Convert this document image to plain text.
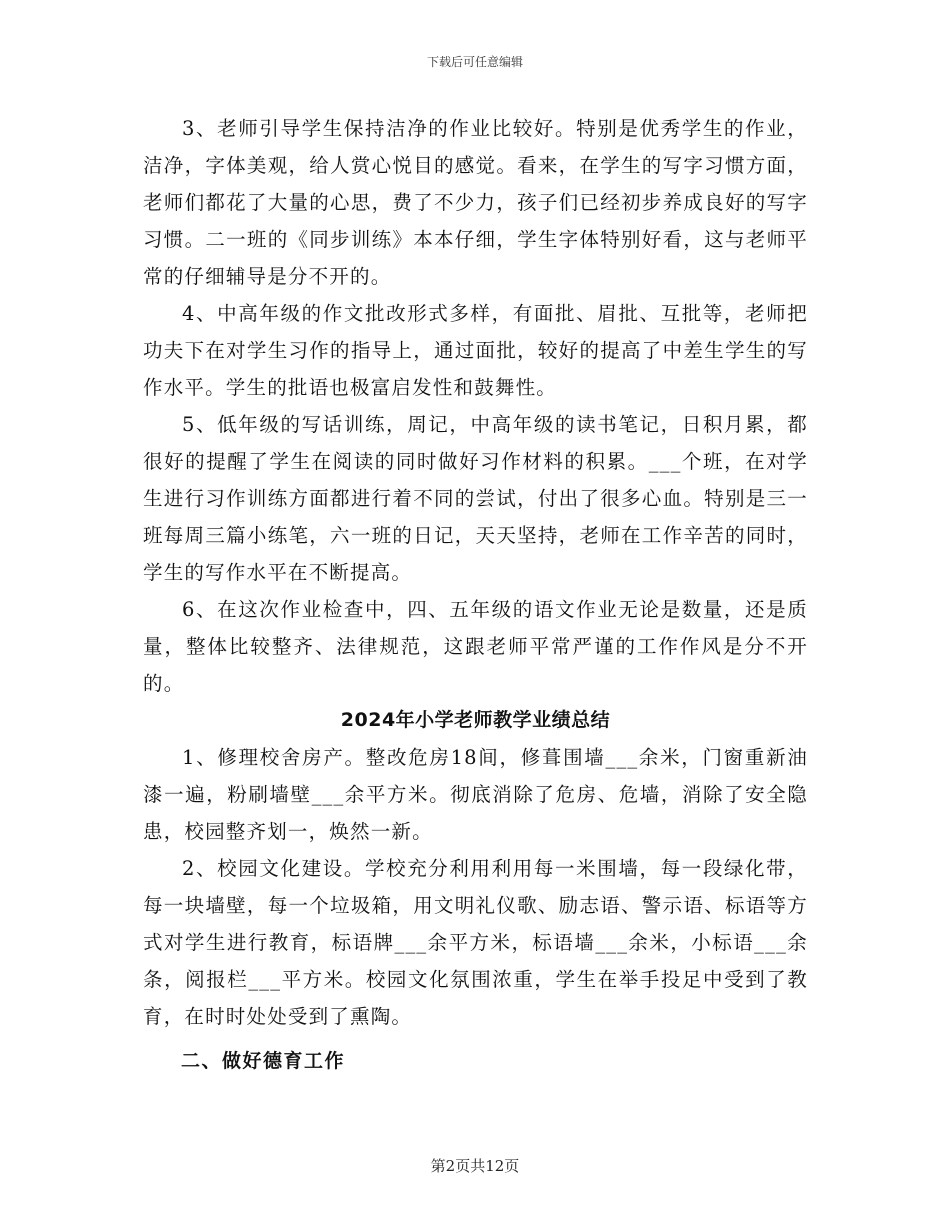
下载后可任意编辑

3、老师引导学生保持洁净的作业比较好。特别是优秀学生的作业，洁净，字体美观，给人赏心悦目的感觉。看来，在学生的写字习惯方面，老师们都花了大量的心思，费了不少力，孩子们已经初步养成良好的写字习惯。二一班的《同步训练》本本仔细，学生字体特别好看，这与老师平常的仔细辅导是分不开的。

4、中高年级的作文批改形式多样，有面批、眉批、互批等，老师把功夫下在对学生习作的指导上，通过面批，较好的提高了中差生学生的写作水平。学生的批语也极富启发性和鼓舞性。

5、低年级的写话训练，周记，中高年级的读书笔记，日积月累，都很好的提醒了学生在阅读的同时做好习作材料的积累。___个班，在对学生进行习作训练方面都进行着不同的尝试，付出了很多心血。特别是三一班每周三篇小练笔，六一班的日记，天天坚持，老师在工作辛苦的同时，学生的写作水平在不断提高。

6、在这次作业检查中，四、五年级的语文作业无论是数量，还是质量，整体比较整齐、法律规范，这跟老师平常严谨的工作作风是分不开的。

2024年小学老师教学业绩总结

1、修理校舍房产。整改危房18间，修葺围墙___余米，门窗重新油漆一遍，粉刷墙壁___余平方米。彻底消除了危房、危墙，消除了安全隐患，校园整齐划一，焕然一新。

2、校园文化建设。学校充分利用利用每一米围墙，每一段绿化带，每一块墙壁，每一个垃圾箱，用文明礼仪歌、励志语、警示语、标语等方式对学生进行教育，标语牌___余平方米，标语墙___余米，小标语___余条，阅报栏___平方米。校园文化氛围浓重，学生在举手投足中受到了教育，在时时处处受到了熏陶。

二、做好德育工作

第2页共12页
